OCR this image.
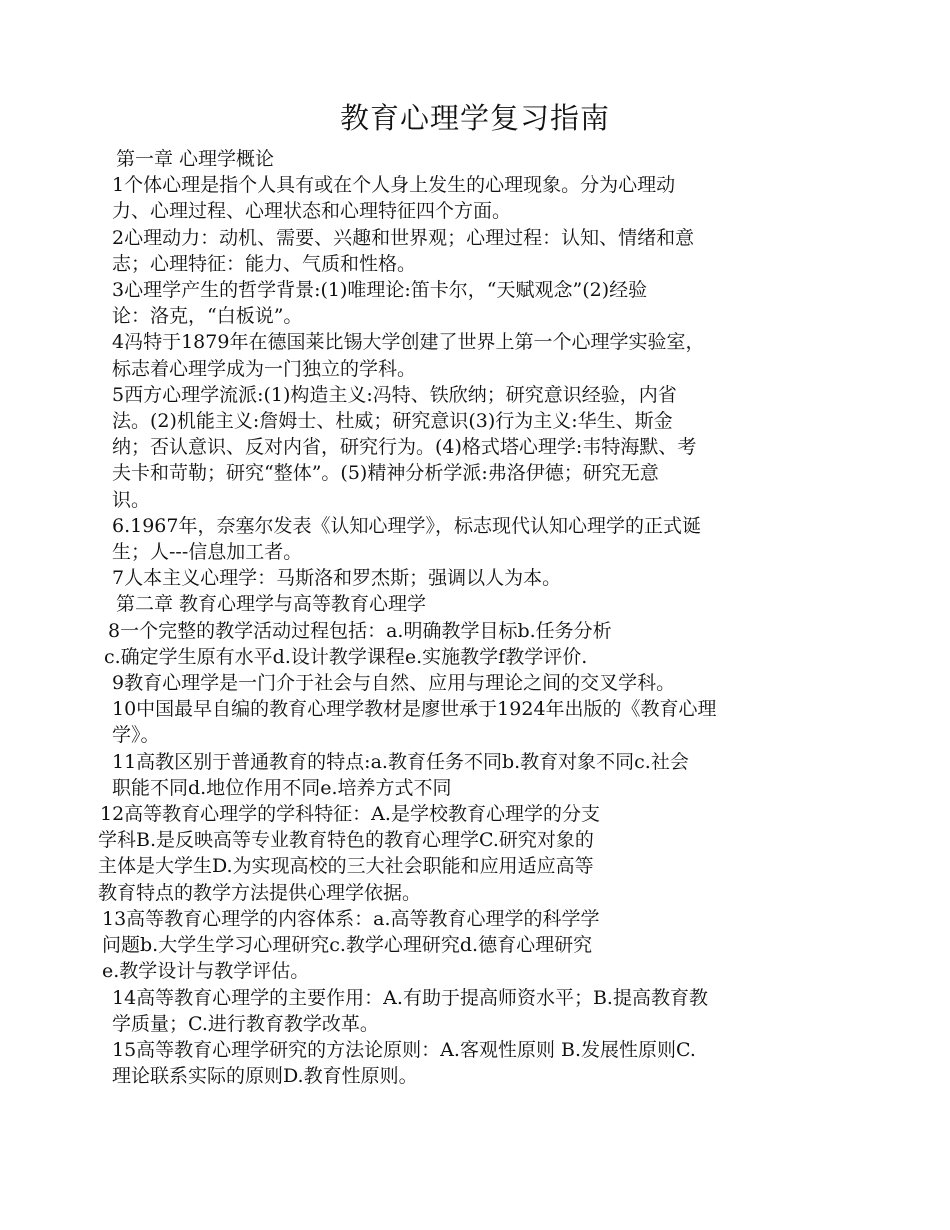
教育心理学复习指南
第一章 心理学概论
1个体心理是指个人具有或在个人身上发生的心理现象。分为心理动
力、心理过程、心理状态和心理特征四个方面。
2心理动力：动机、需要、兴趣和世界观；心理过程：认知、情绪和意
志；心理特征：能力、气质和性格。
3心理学产生的哲学背景:(1)唯理论:笛卡尔，“天赋观念”(2)经验
论：洛克，“白板说”。
4冯特于1879年在德国莱比锡大学创建了世界上第一个心理学实验室，
标志着心理学成为一门独立的学科。
5西方心理学流派:(1)构造主义:冯特、铁欣纳；研究意识经验，内省
法。(2)机能主义:詹姆士、杜威；研究意识(3)行为主义:华生、斯金
纳；否认意识、反对内省，研究行为。(4)格式塔心理学:韦特海默、考
夫卡和苛勒；研究“整体”。(5)精神分析学派:弗洛伊德；研究无意
识。
6.1967年，奈塞尔发表《认知心理学》，标志现代认知心理学的正式诞
生；人---信息加工者。
7人本主义心理学：马斯洛和罗杰斯；强调以人为本。
第二章 教育心理学与高等教育心理学
8一个完整的教学活动过程包括：a.明确教学目标b.任务分析
c.确定学生原有水平d.设计教学课程e.实施教学f教学评价.
9教育心理学是一门介于社会与自然、应用与理论之间的交叉学科。
10中国最早自编的教育心理学教材是廖世承于1924年出版的《教育心理
学》。
11高教区别于普通教育的特点:a.教育任务不同b.教育对象不同c.社会
职能不同d.地位作用不同e.培养方式不同
12高等教育心理学的学科特征：A.是学校教育心理学的分支
学科B.是反映高等专业教育特色的教育心理学C.研究对象的
主体是大学生D.为实现高校的三大社会职能和应用适应高等
教育特点的教学方法提供心理学依据。
13高等教育心理学的内容体系：a.高等教育心理学的科学学
问题b.大学生学习心理研究c.教学心理研究d.德育心理研究
e.教学设计与教学评估。
14高等教育心理学的主要作用：A.有助于提高师资水平；B.提高教育教
学质量；C.进行教育教学改革。
15高等教育心理学研究的方法论原则：A.客观性原则 B.发展性原则C.
理论联系实际的原则D.教育性原则。
